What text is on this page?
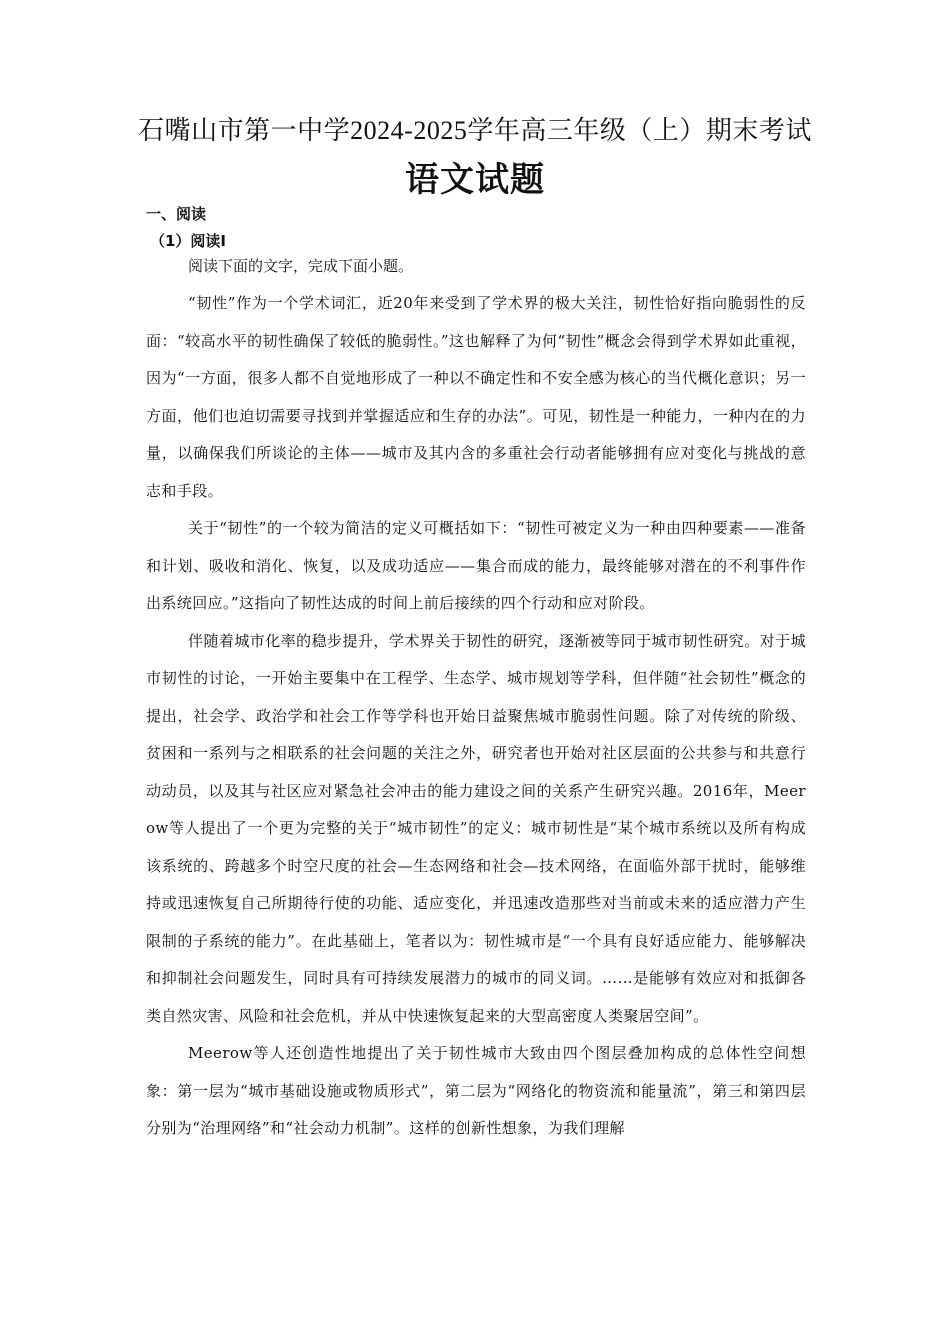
石嘴山市第一中学2024-2025学年高三年级（上）期末考试
语文试题
一、阅读
（1）阅读Ⅰ
阅读下面的文字，完成下面小题。

“韧性”作为一个学术词汇，近20年来受到了学术界的极大关注，韧性恰好指向脆弱性的反面：“较高水平的韧性确保了较低的脆弱性。”这也解释了为何“韧性”概念会得到学术界如此重视，因为“一方面，很多人都不自觉地形成了一种以不确定性和不安全感为核心的当代概化意识；另一方面，他们也迫切需要寻找到并掌握适应和生存的办法”。可见，韧性是一种能力，一种内在的力量，以确保我们所谈论的主体——城市及其内含的多重社会行动者能够拥有应对变化与挑战的意志和手段。

关于“韧性”的一个较为简洁的定义可概括如下：“韧性可被定义为一种由四种要素——准备和计划、吸收和消化、恢复，以及成功适应——集合而成的能力，最终能够对潜在的不利事件作出系统回应。”这指向了韧性达成的时间上前后接续的四个行动和应对阶段。

伴随着城市化率的稳步提升，学术界关于韧性的研究，逐渐被等同于城市韧性研究。对于城市韧性的讨论，一开始主要集中在工程学、生态学、城市规划等学科，但伴随“社会韧性”概念的提出，社会学、政治学和社会工作等学科也开始日益聚焦城市脆弱性问题。除了对传统的阶级、贫困和一系列与之相联系的社会问题的关注之外，研究者也开始对社区层面的公共参与和共意行动动员，以及其与社区应对紧急社会冲击的能力建设之间的关系产生研究兴趣。2016年，Meerow等人提出了一个更为完整的关于“城市韧性”的定义：城市韧性是“某个城市系统以及所有构成该系统的、跨越多个时空尺度的社会—生态网络和社会—技术网络，在面临外部干扰时，能够维持或迅速恢复自己所期待行使的功能、适应变化，并迅速改造那些对当前或未来的适应潜力产生限制的子系统的能力”。在此基础上，笔者以为：韧性城市是“一个具有良好适应能力、能够解决和抑制社会问题发生，同时具有可持续发展潜力的城市的同义词。……是能够有效应对和抵御各类自然灾害、风险和社会危机，并从中快速恢复起来的大型高密度人类聚居空间”。

Meerow等人还创造性地提出了关于韧性城市大致由四个图层叠加构成的总体性空间想象：第一层为“城市基础设施或物质形式”，第二层为“网络化的物资流和能量流”，第三和第四层分别为“治理网络”和“社会动力机制”。这样的创新性想象，为我们理解
